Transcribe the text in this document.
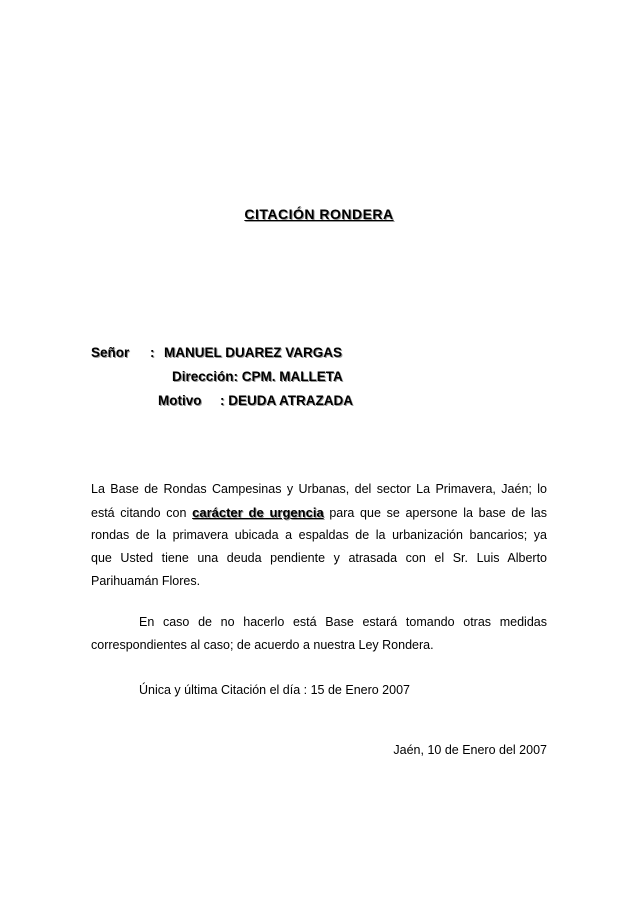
CITACIÓN RONDERA
Señor : MANUEL DUAREZ VARGAS
Dirección: CPM. MALLETA
Motivo : DEUDA ATRAZADA
La Base de Rondas Campesinas y Urbanas, del sector La Primavera, Jaén; lo
está citando con carácter de urgencia para que se apersone la base de las
rondas de la primavera ubicada a espaldas de la urbanización bancarios; ya
que Usted tiene una deuda pendiente y atrasada con el Sr. Luis Alberto
Parihuamán Flores.
En caso de no hacerlo está Base estará tomando otras medidas
correspondientes al caso; de acuerdo a nuestra Ley Rondera.
Única y última Citación el día : 15 de Enero 2007
Jaén, 10 de Enero del 2007
